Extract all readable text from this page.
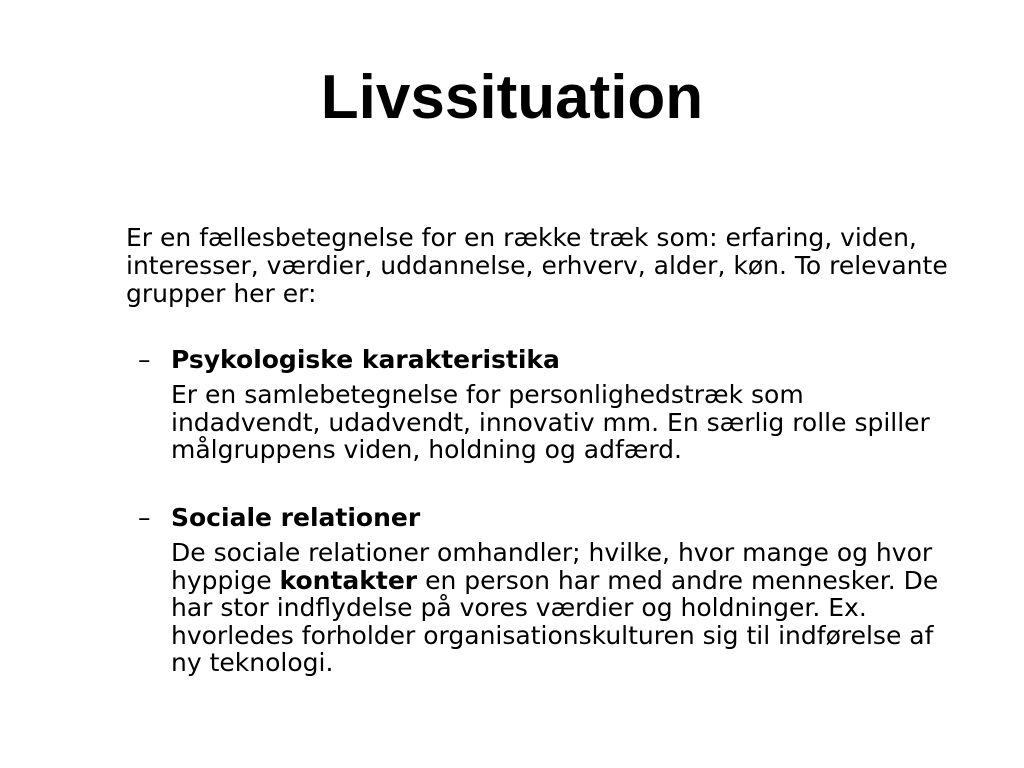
Livssituation

Er en fællesbetegnelse for en række træk som: erfaring, viden, interesser, værdier, uddannelse, erhverv, alder, køn. To relevante grupper her er:

– Psykologiske karakteristika

Er en samlebetegnelse for personlighedstræk som indadvendt, udadvendt, innovativ mm. En særlig rolle spiller målgruppens viden, holdning og adfærd.

– Sociale relationer

De sociale relationer omhandler; hvilke, hvor mange og hvor hyppige kontakter en person har med andre mennesker. De har stor indflydelse på vores værdier og holdninger. Ex. hvorledes forholder organisationskulturen sig til indførelse af ny teknologi.
